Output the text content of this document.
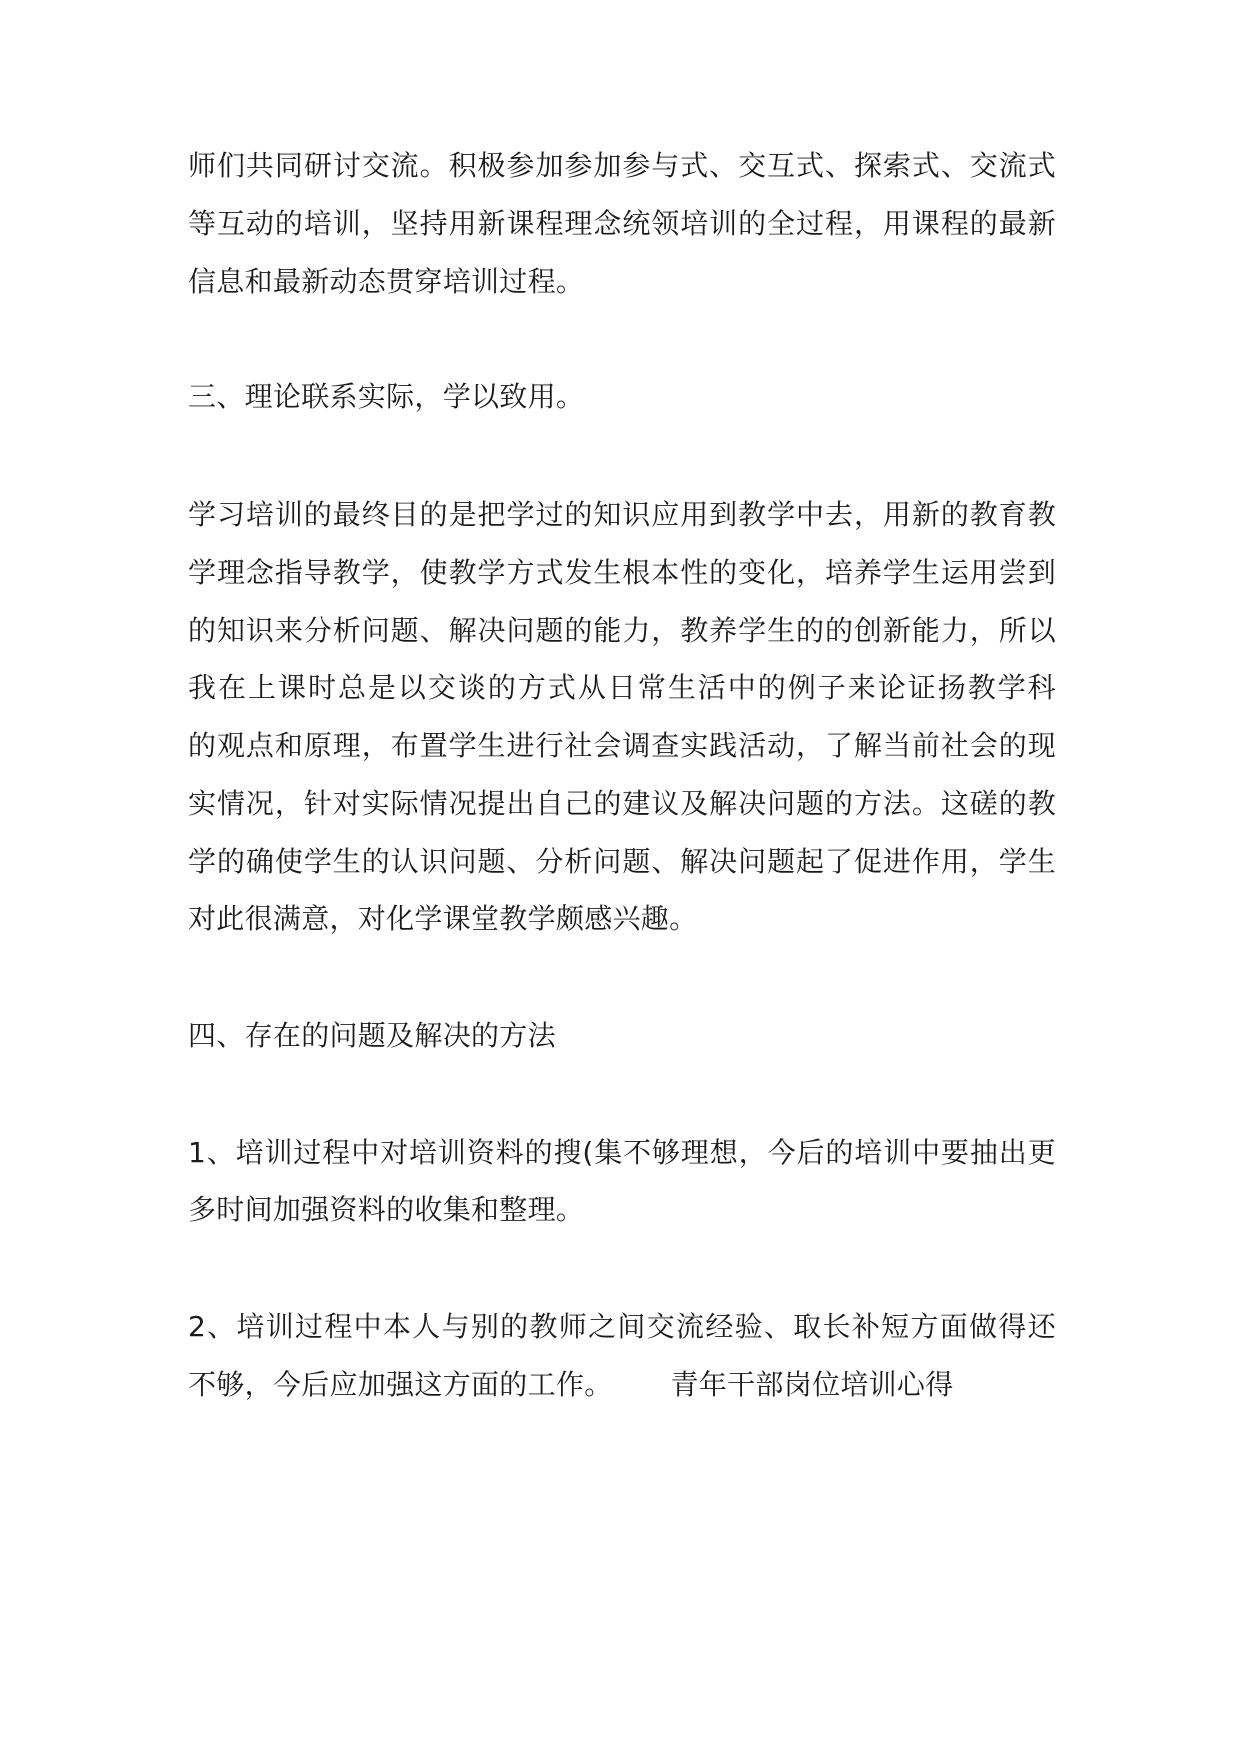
师们共同研讨交流。积极参加参加参与式、交互式、探索式、交流式
等互动的培训，坚持用新课程理念统领培训的全过程，用课程的最新
信息和最新动态贯穿培训过程。
三、理论联系实际，学以致用。
学习培训的最终目的是把学过的知识应用到教学中去，用新的教育教
学理念指导教学，使教学方式发生根本性的变化，培养学生运用尝到
的知识来分析问题、解决问题的能力，教养学生的的创新能力，所以
我在上课时总是以交谈的方式从日常生活中的例子来论证扬教学科
的观点和原理，布置学生进行社会调查实践活动，了解当前社会的现
实情况，针对实际情况提出自己的建议及解决问题的方法。这磋的教
学的确使学生的认识问题、分析问题、解决问题起了促进作用，学生
对此很满意，对化学课堂教学颇感兴趣。
四、存在的问题及解决的方法
1、培训过程中对培训资料的搜(集不够理想，今后的培训中要抽出更
多时间加强资料的收集和整理。
2、培训过程中本人与别的教师之间交流经验、取长补短方面做得还
不够，今后应加强这方面的工作。 青年干部岗位培训心得
